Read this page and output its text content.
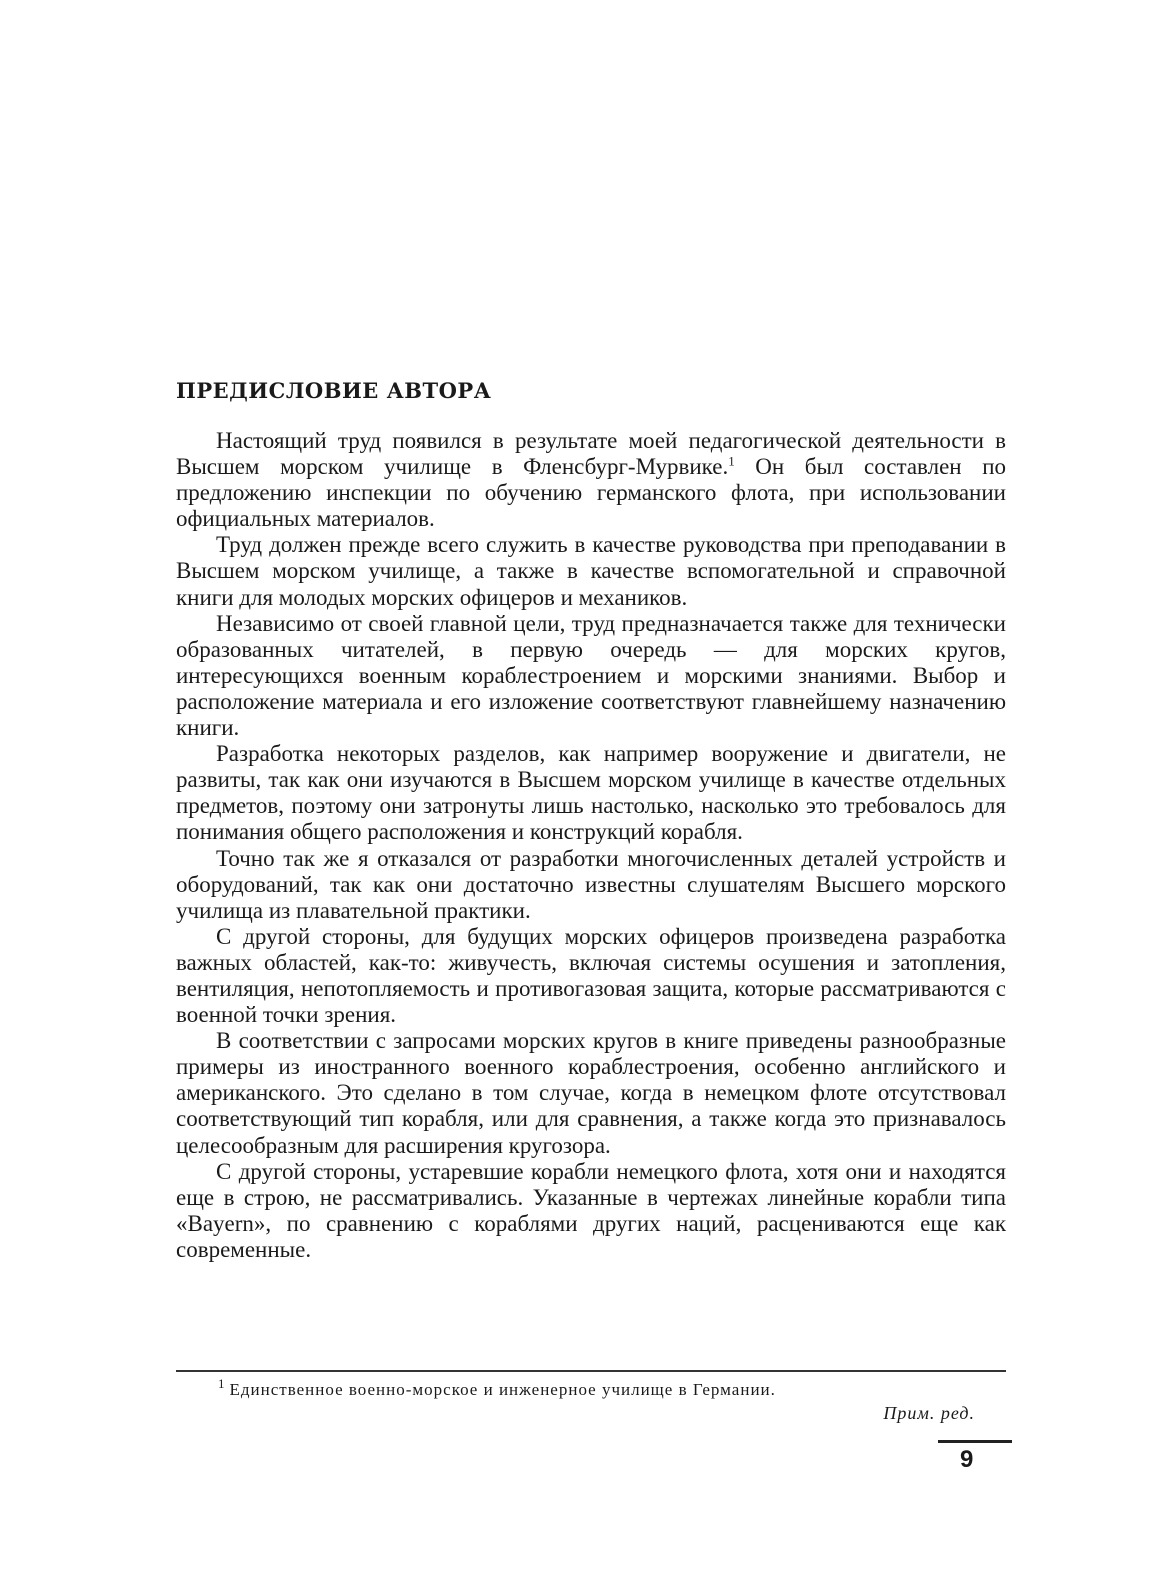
ПРЕДИСЛОВИЕ АВТОРА

Настоящий труд появился в результате моей педагогической деятельности в Высшем морском училище в Фленсбург-Мурвике.$^1$ Он был составлен по предложению инспекции по обучению германского флота, при использовании официальных материалов.

Труд должен прежде всего служить в качестве руководства при преподавании в Высшем морском училище, а также в качестве вспомогательной и справочной книги для молодых морских офицеров и механиков.

Независимо от своей главной цели, труд предназначается также для технически образованных читателей, в первую очередь — для морских кругов, интересующихся военным кораблестроением и морскими знаниями. Выбор и расположение материала и его изложение соответствуют главнейшему назначению книги.

Разработка некоторых разделов, как например вооружение и двигатели, не развиты, так как они изучаются в Высшем морском училище в качестве отдельных предметов, поэтому они затронуты лишь настолько, насколько это требовалось для понимания общего расположения и конструкций корабля.

Точно так же я отказался от разработки многочисленных деталей устройств и оборудований, так как они достаточно известны слушателям Высшего морского училища из плавательной практики.

С другой стороны, для будущих морских офицеров произведена разработка важных областей, как-то: живучесть, включая системы осушения и затопления, вентиляция, непотопляемость и противогазовая защита, которые рассматриваются с военной точки зрения.

В соответствии с запросами морских кругов в книге приведены разнообразные примеры из иностранного военного кораблестроения, особенно английского и американского. Это сделано в том случае, когда в немецком флоте отсутствовал соответствующий тип корабля, или для сравнения, а также когда это признавалось целесообразным для расширения кругозора.

С другой стороны, устаревшие корабли немецкого флота, хотя они и находятся еще в строю, не рассматривались. Указанные в чертежах линейные корабли типа «Bayern», по сравнению с кораблями других наций, расцениваются еще как современные.

$^1$ Единственное военно-морское и инженерное училище в Германии.

Прим. ред.
9
